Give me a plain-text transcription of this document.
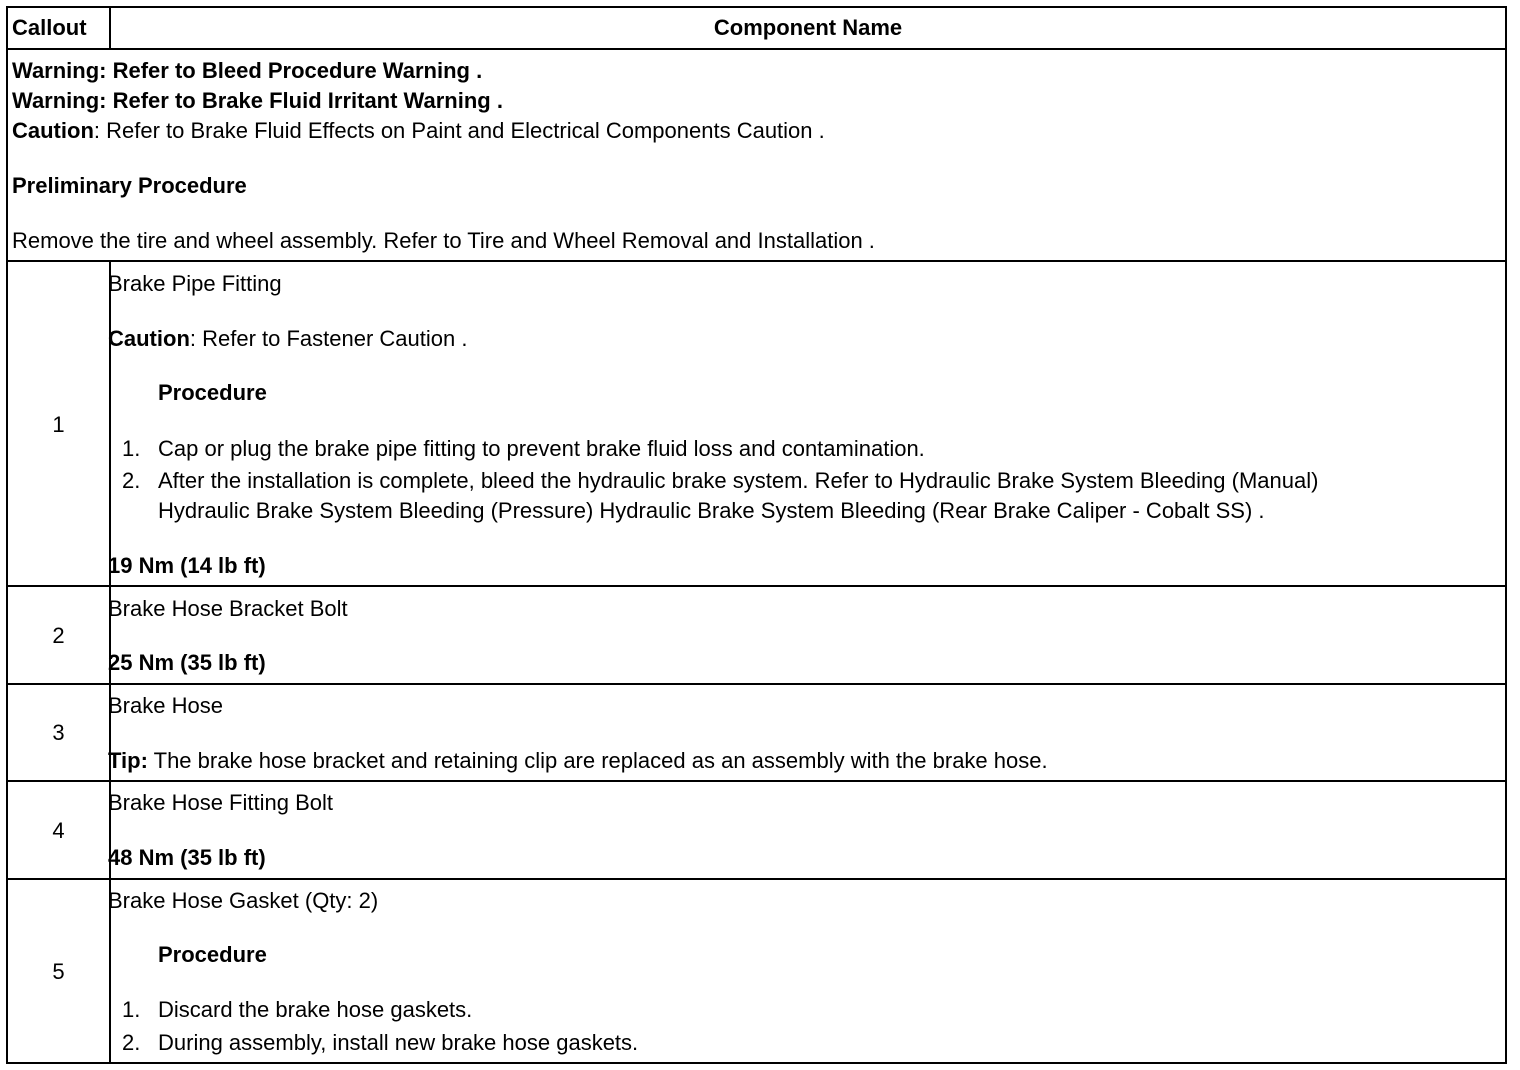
Callout	Component Name
Warning: Refer to Bleed Procedure Warning .
Warning: Refer to Brake Fluid Irritant Warning .
Caution: Refer to Brake Fluid Effects on Paint and Electrical Components Caution .
Preliminary Procedure
Remove the tire and wheel assembly. Refer to Tire and Wheel Removal and Installation .
1
Brake Pipe Fitting
Caution: Refer to Fastener Caution .
Procedure
1. Cap or plug the brake pipe fitting to prevent brake fluid loss and contamination.
2. After the installation is complete, bleed the hydraulic brake system. Refer to Hydraulic Brake System Bleeding (Manual)
Hydraulic Brake System Bleeding (Pressure) Hydraulic Brake System Bleeding (Rear Brake Caliper - Cobalt SS) .
19 Nm (14 lb ft)
2
Brake Hose Bracket Bolt
25 Nm (35 lb ft)
3
Brake Hose
Tip: The brake hose bracket and retaining clip are replaced as an assembly with the brake hose.
4
Brake Hose Fitting Bolt
48 Nm (35 lb ft)
5
Brake Hose Gasket (Qty: 2)
Procedure
1. Discard the brake hose gaskets.
2. During assembly, install new brake hose gaskets.
